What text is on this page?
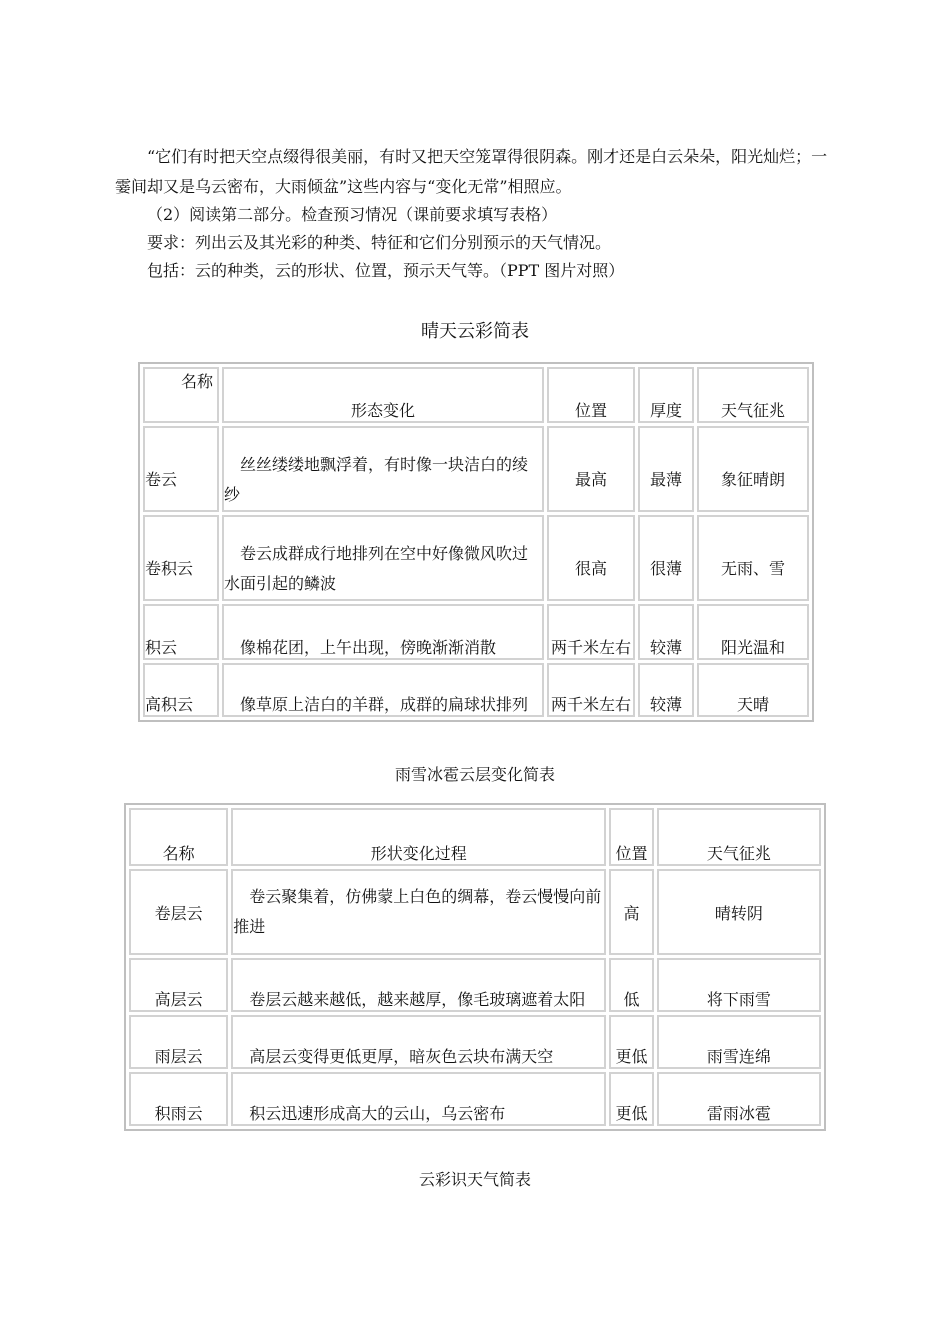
“它们有时把天空点缀得很美丽，有时又把天空笼罩得很阴森。刚才还是白云朵朵，阳光灿烂；一霎间却又是乌云密布，大雨倾盆”这些内容与“变化无常”相照应。
（2）阅读第二部分。检查预习情况（课前要求填写表格）
要求：列出云及其光彩的种类、特征和它们分别预示的天气情况。
包括：云的种类，云的形状、位置，预示天气等。（PPT 图片对照）
晴天云彩简表
名称	形态变化	位置	厚度	天气征兆
卷云	丝丝缕缕地飘浮着，有时像一块洁白的绫纱	最高	最薄	象征晴朗
卷积云	卷云成群成行地排列在空中好像微风吹过水面引起的鳞波	很高	很薄	无雨、雪
积云	像棉花团，上午出现，傍晚渐渐消散	两千米左右	较薄	阳光温和
高积云	像草原上洁白的羊群，成群的扁球状排列	两千米左右	较薄	天晴
雨雪冰雹云层变化简表
名称	形状变化过程	位置	天气征兆
卷层云	卷云聚集着，仿佛蒙上白色的绸幕，卷云慢慢向前推进	高	晴转阴
高层云	卷层云越来越低，越来越厚，像毛玻璃遮着太阳	低	将下雨雪
雨层云	高层云变得更低更厚，暗灰色云块布满天空	更低	雨雪连绵
积雨云	积云迅速形成高大的云山，乌云密布	更低	雷雨冰雹
云彩识天气简表
